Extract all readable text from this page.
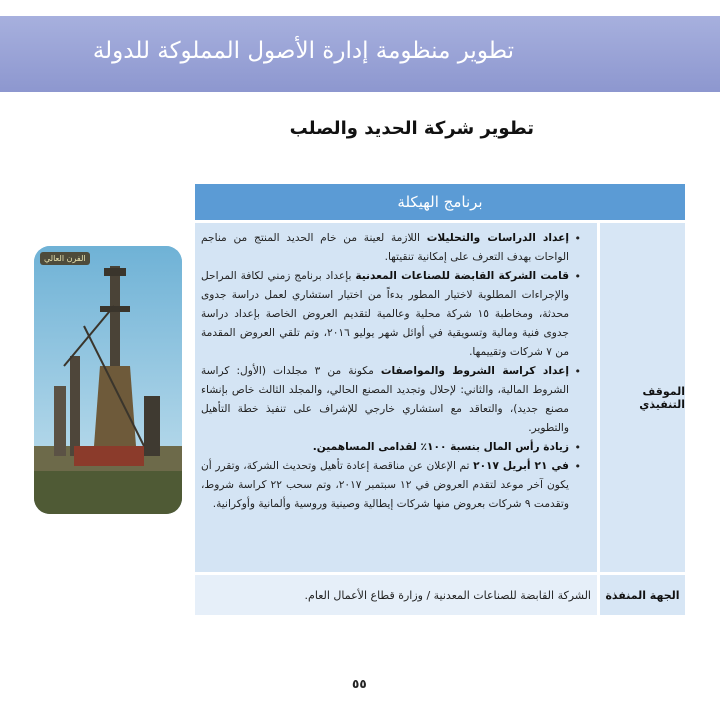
تطوير منظومة إدارة الأصول المملوكة للدولة
تطوير شركة الحديد والصلب
الفرن العالي
برنامج الهيكلة
الموقف التنفيذي
• إعداد الدراسات والتحليلات اللازمة لعينة من خام الحديد المنتج من مناجم الواحات بهدف التعرف على إمكانية تنقيتها.
• قامت الشركة القابضة للصناعات المعدنية بإعداد برنامج زمني لكافة المراحل والإجراءات المطلوبة لاختيار المطور بدءاً من اختيار استشاري لعمل دراسة جدوى محدثة، ومخاطبة ١٥ شركة محلية وعالمية لتقديم العروض الخاصة بإعداد دراسة جدوى فنية ومالية وتسويقية في أوائل شهر يوليو ٢٠١٦، وتم تلقي العروض المقدمة من ٧ شركات وتقييمها.
• إعداد كراسة الشروط والمواصفات مكونة من ٣ مجلدات (الأول: كراسة الشروط المالية، والثاني: لإحلال وتجديد المصنع الحالي، والمجلد الثالث خاص بإنشاء مصنع جديد)، والتعاقد مع استشاري خارجي للإشراف على تنفيذ خطة التأهيل والتطوير.
• زيادة رأس المال بنسبة ١٠٠٪ لقدامى المساهمين.
• في ٢١ أبريل ٢٠١٧ تم الإعلان عن مناقصة إعادة تأهيل وتحديث الشركة، وتقرر أن يكون آخر موعد لتقدم العروض في ١٢ سبتمبر ٢٠١٧، وتم سحب ٢٢ كراسة شروط، وتقدمت ٩ شركات بعروض منها شركات إيطالية وصينية وروسية وألمانية وأوكرانية.
الجهة المنفذة
الشركة القابضة للصناعات المعدنية / وزارة قطاع الأعمال العام.
٥٥
